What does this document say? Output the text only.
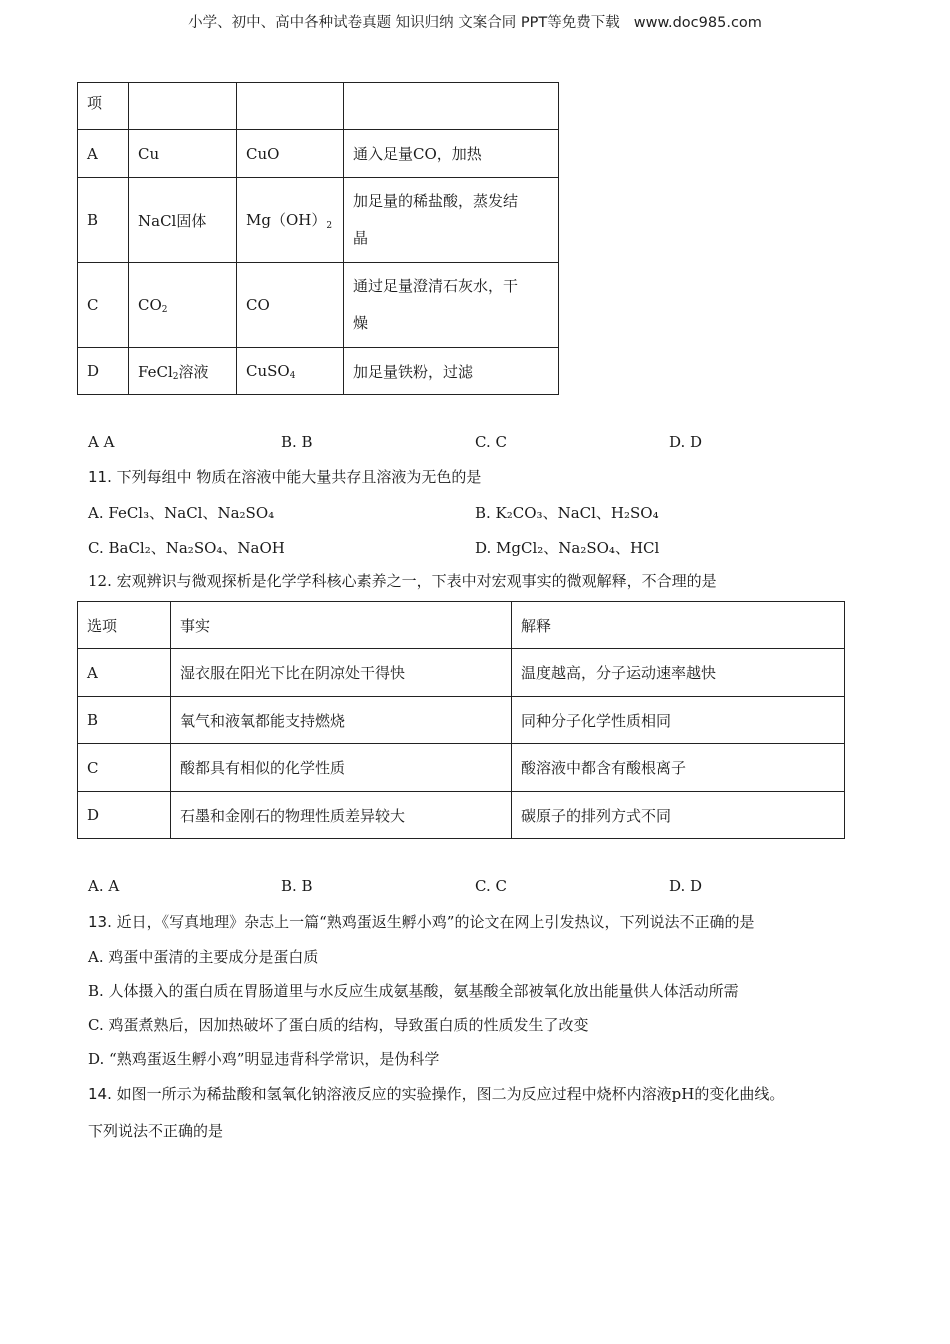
小学、初中、高中各种试卷真题 知识归纳 文案合同 PPT等免费下载 www.doc985.com
项			
A	Cu	CuO	通入足量CO，加热
B	NaCl固体	$Mg(OH)_2$	加足量的稀盐酸，蒸发结
晶
C	$CO_2$	CO	通过足量澄清石灰水，干
燥
D	FeCl$_2$溶液	CuSO$_4$	加足量铁粉，过滤
A A	B. B	C. C	D. D
11. 下列每组中 物质在溶液中能大量共存且溶液为无色的是
A. FeCl₃、NaCl、Na₂SO₄	B. K₂CO₃、NaCl、H₂SO₄
C. BaCl₂、Na₂SO₄、NaOH	D. MgCl₂、Na₂SO₄、HCl
12. 宏观辨识与微观探析是化学学科核心素养之一，下表中对宏观事实的微观解释，不合理的是
选项	事实	解释
A	湿衣服在阳光下比在阴凉处干得快	温度越高，分子运动速率越快
B	氧气和液氧都能支持燃烧	同种分子化学性质相同
C	酸都具有相似的化学性质	酸溶液中都含有酸根离子
D	石墨和金刚石的物理性质差异较大	碳原子的排列方式不同
A. A	B. B	C. C	D. D
13. 近日，《写真地理》杂志上一篇“熟鸡蛋返生孵小鸡”的论文在网上引发热议，下列说法不正确的是
A. 鸡蛋中蛋清的主要成分是蛋白质
B. 人体摄入的蛋白质在胃肠道里与水反应生成氨基酸，氨基酸全部被氧化放出能量供人体活动所需
C. 鸡蛋煮熟后，因加热破坏了蛋白质的结构，导致蛋白质的性质发生了改变
D. “熟鸡蛋返生孵小鸡”明显违背科学常识，是伪科学
14. 如图一所示为稀盐酸和氢氧化钠溶液反应的实验操作，图二为反应过程中烧杯内溶液pH的变化曲线。
下列说法不正确的是
